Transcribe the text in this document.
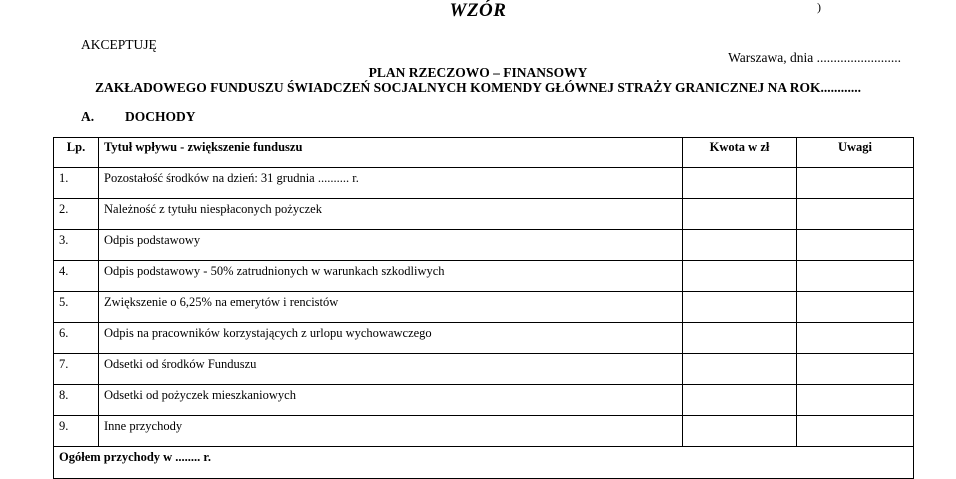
WZÓR	)
AKCEPTUJĘ
Warszawa, dnia .........................
PLAN RZECZOWO – FINANSOWY
ZAKŁADOWEGO FUNDUSZU ŚWIADCZEŃ SOCJALNYCH KOMENDY GŁÓWNEJ STRAŻY GRANICZNEJ NA ROK............
A. DOCHODY
Lp.	Tytuł wpływu - zwiększenie funduszu	Kwota w zł	Uwagi
1.	Pozostałość środków na dzień: 31 grudnia .......... r.		
2.	Należność z tytułu niespłaconych pożyczek		
3.	Odpis podstawowy		
4.	Odpis podstawowy - 50% zatrudnionych w warunkach szkodliwych		
5.	Zwiększenie o 6,25% na emerytów i rencistów		
6.	Odpis na pracowników korzystających z urlopu wychowawczego		
7.	Odsetki od środków Funduszu		
8.	Odsetki od pożyczek mieszkaniowych		
9.	Inne przychody		
Ogółem przychody w ........ r.			
